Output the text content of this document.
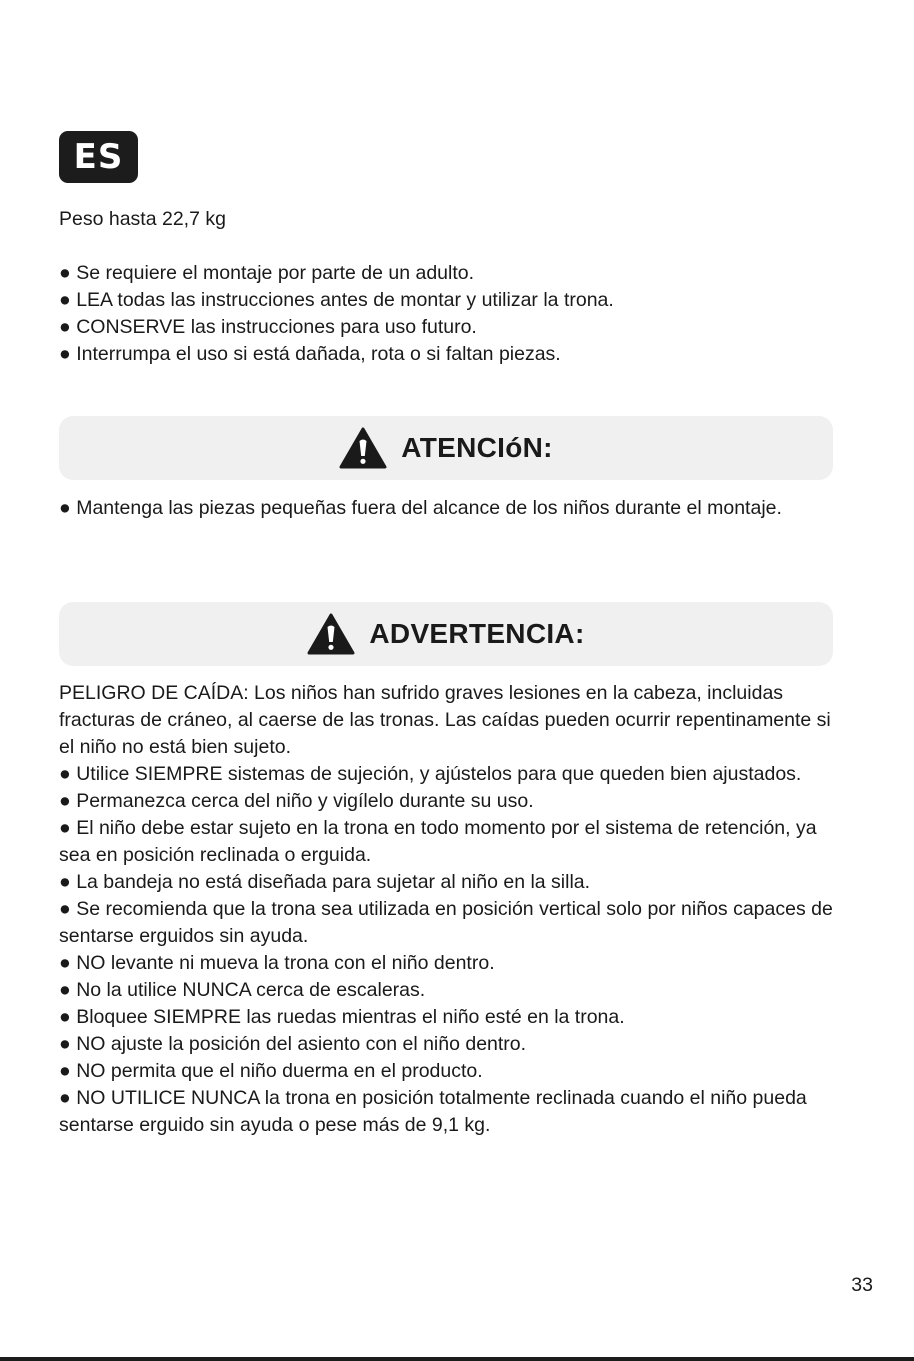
ES

Peso hasta 22,7 kg

● Se requiere el montaje por parte de un adulto.

● LEA todas las instrucciones antes de montar y utilizar la trona.

● CONSERVE las instrucciones para uso futuro.

● Interrumpa el uso si está dañada, rota o si faltan piezas.

ATENCIóN:

● Mantenga las piezas pequeñas fuera del alcance de los niños durante el montaje.

ADVERTENCIA:

PELIGRO DE CAÍDA: Los niños han sufrido graves lesiones en la cabeza, incluidas fracturas de cráneo, al caerse de las tronas. Las caídas pueden ocurrir repentinamente si el niño no está bien sujeto.

● Utilice SIEMPRE sistemas de sujeción, y ajústelos para que queden bien ajustados.

● Permanezca cerca del niño y vigílelo durante su uso.

● El niño debe estar sujeto en la trona en todo momento por el sistema de retención, ya sea en posición reclinada o erguida.

● La bandeja no está diseñada para sujetar al niño en la silla.

● Se recomienda que la trona sea utilizada en posición vertical solo por niños capaces de sentarse erguidos sin ayuda.

● NO levante ni mueva la trona con el niño dentro.

● No la utilice NUNCA cerca de escaleras.

● Bloquee SIEMPRE las ruedas mientras el niño esté en la trona.

● NO ajuste la posición del asiento con el niño dentro.

● NO permita que el niño duerma en el producto.

● NO UTILICE NUNCA la trona en posición totalmente reclinada cuando el niño pueda sentarse erguido sin ayuda o pese más de 9,1 kg.

33
